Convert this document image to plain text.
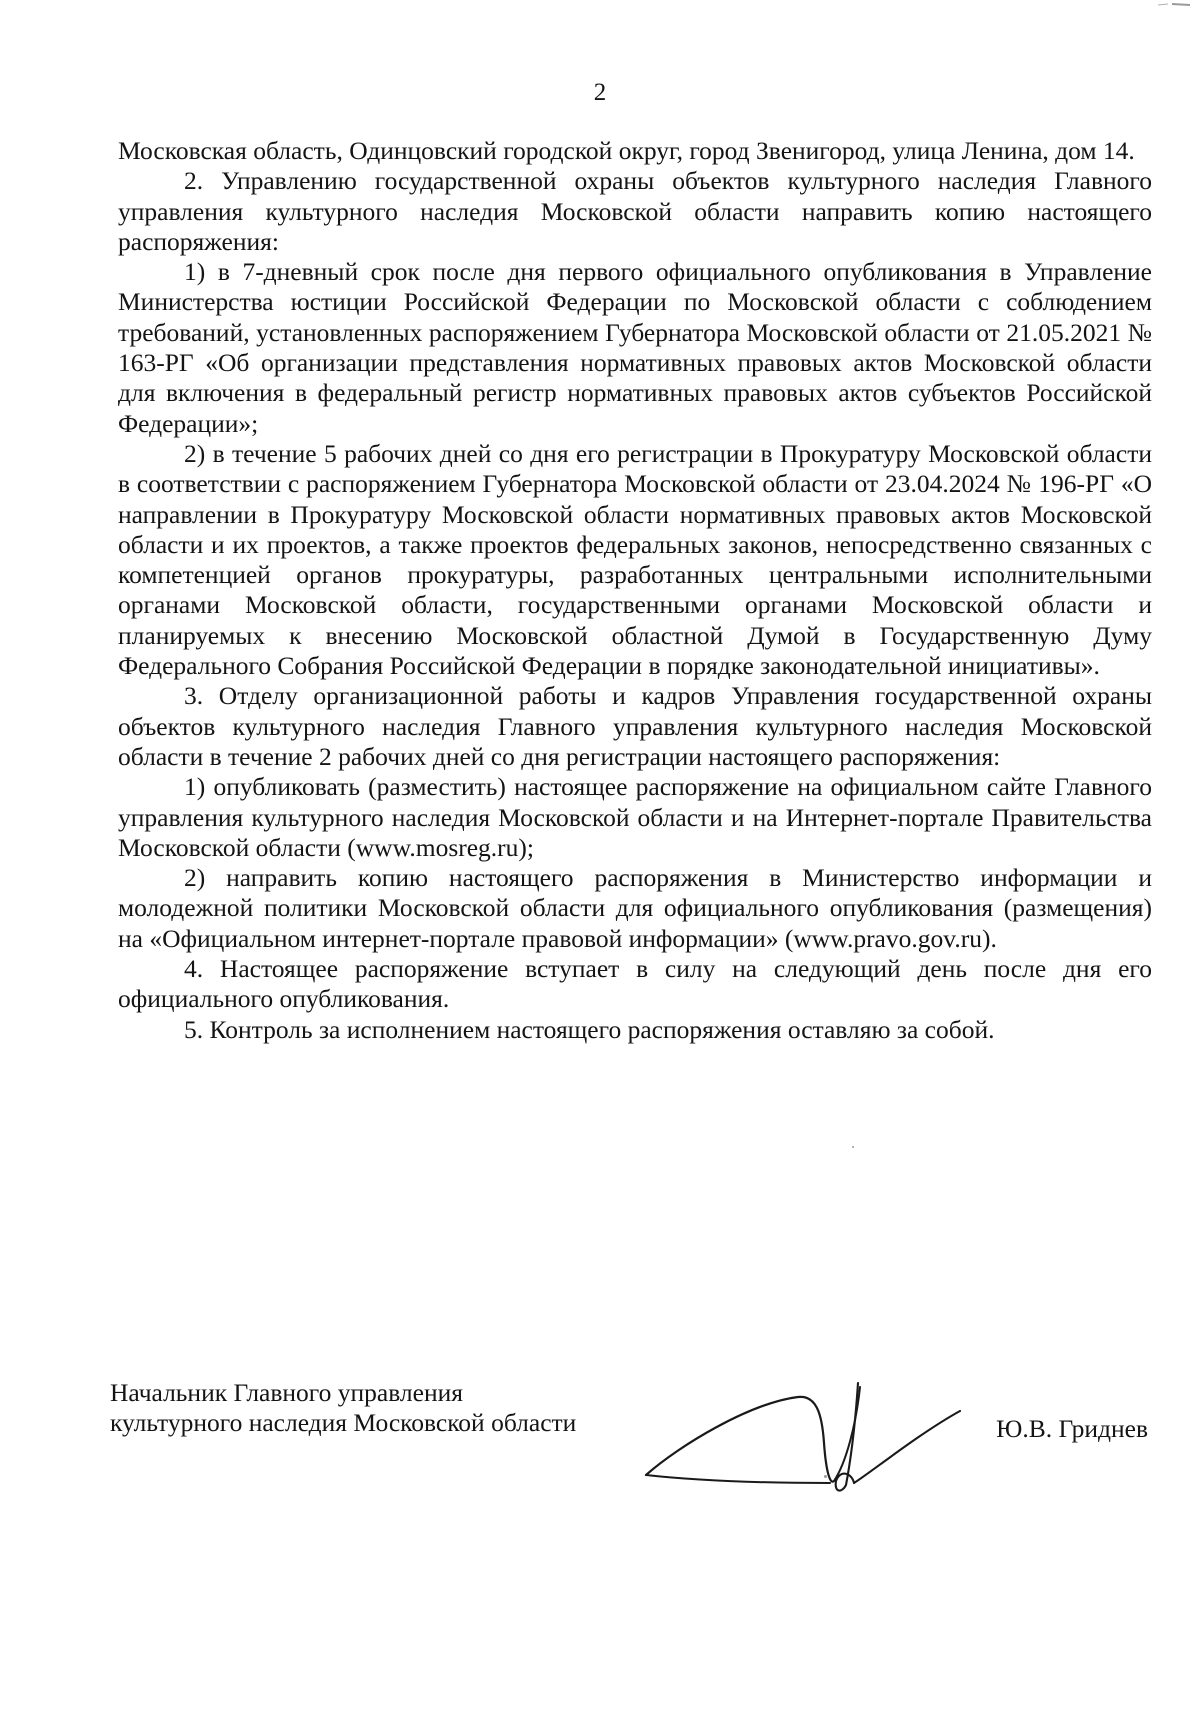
2

Московская область, Одинцовский городской округ, город Звенигород, улица Ленина, дом 14.

2. Управлению государственной охраны объектов культурного наследия Главного управления культурного наследия Московской области направить копию настоящего распоряжения:

1) в 7-дневный срок после дня первого официального опубликования в Управление Министерства юстиции Российской Федерации по Московской области с соблюдением требований, установленных распоряжением Губернатора Московской области от 21.05.2021 № 163-РГ «Об организации представления нормативных правовых актов Московской области для включения в федеральный регистр нормативных правовых актов субъектов Российской Федерации»;

2) в течение 5 рабочих дней со дня его регистрации в Прокуратуру Московской области в соответствии с распоряжением Губернатора Московской области от 23.04.2024 № 196-РГ «О направлении в Прокуратуру Московской области нормативных правовых актов Московской области и их проектов, а также проектов федеральных законов, непосредственно связанных с компетенцией органов прокуратуры, разработанных центральными исполнительными органами Московской области, государственными органами Московской области и планируемых к внесению Московской областной Думой в Государственную Думу Федерального Собрания Российской Федерации в порядке законодательной инициативы».

3. Отделу организационной работы и кадров Управления государственной охраны объектов культурного наследия Главного управления культурного наследия Московской области в течение 2 рабочих дней со дня регистрации настоящего распоряжения:

1) опубликовать (разместить) настоящее распоряжение на официальном сайте Главного управления культурного наследия Московской области и на Интернет-портале Правительства Московской области (www.mosreg.ru);

2) направить копию настоящего распоряжения в Министерство информации и молодежной политики Московской области для официального опубликования (размещения) на «Официальном интернет-портале правовой информации» (www.pravo.gov.ru).

4. Настоящее распоряжение вступает в силу на следующий день после дня его официального опубликования.

5. Контроль за исполнением настоящего распоряжения оставляю за собой.

Начальник Главного управления
культурного наследия Московской области	Ю.В. Гриднев
